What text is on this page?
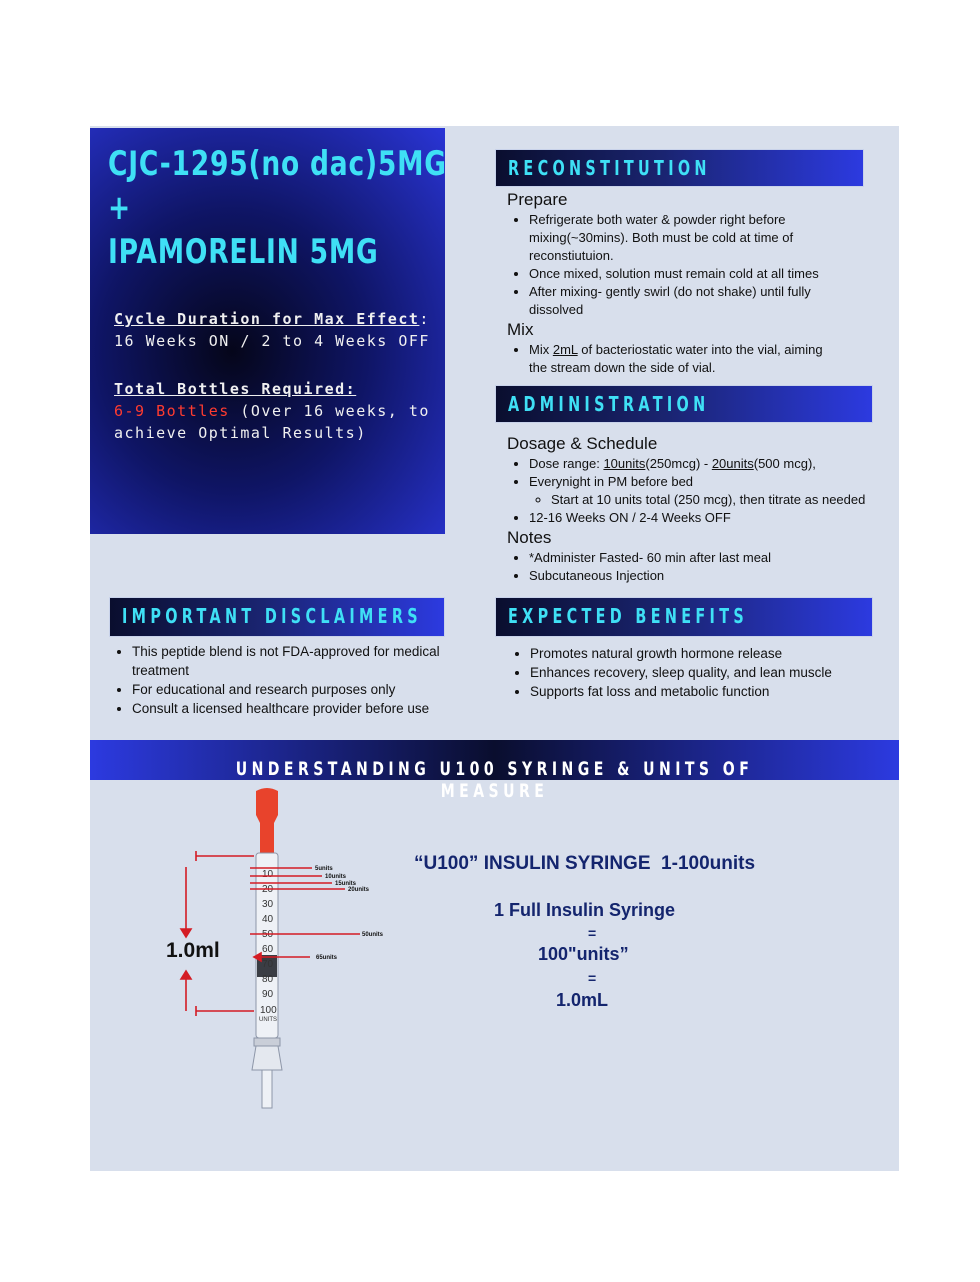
CJC-1295(no dac)5MG
+
IPAMORELIN 5MG
Cycle Duration for Max Effect:
16 Weeks ON / 2 to 4 Weeks OFF
Total Bottles Required:
6-9 Bottles (Over 16 weeks, to achieve Optimal Results)
RECONSTITUTION
Prepare
• Refrigerate both water & powder right before mixing(~30mins). Both must be cold at time of reconstiutuion.
• Once mixed, solution must remain cold at all times
• After mixing- gently swirl (do not shake) until fully dissolved
Mix
• Mix 2mL of bacteriostatic water into the vial, aiming the stream down the side of vial.
ADMINISTRATION
Dosage & Schedule
• Dose range: 10units(250mcg) - 20units(500 mcg),
• Everynight in PM before bed
◦ Start at 10 units total (250 mcg), then titrate as needed
• 12-16 Weeks ON / 2-4 Weeks OFF
Notes
• *Administer Fasted- 60 min after last meal
• Subcutaneous Injection
IMPORTANT DISCLAIMERS
• This peptide blend is not FDA-approved for medical treatment
• For educational and research purposes only
• Consult a licensed healthcare provider before use
EXPECTED BENEFITS
• Promotes natural growth hormone release
• Enhances recovery, sleep quality, and lean muscle
• Supports fat loss and metabolic function
UNDERSTANDING U100 SYRINGE & UNITS OF MEASURE
10
20
30
40
50
60
70
80
90
100
UNITS
5units
10units
15units
20units
50units
65units
1.0ml
“U100” INSULIN SYRINGE  1-100units
1 Full Insulin Syringe
=
100"units”
=
1.0mL
